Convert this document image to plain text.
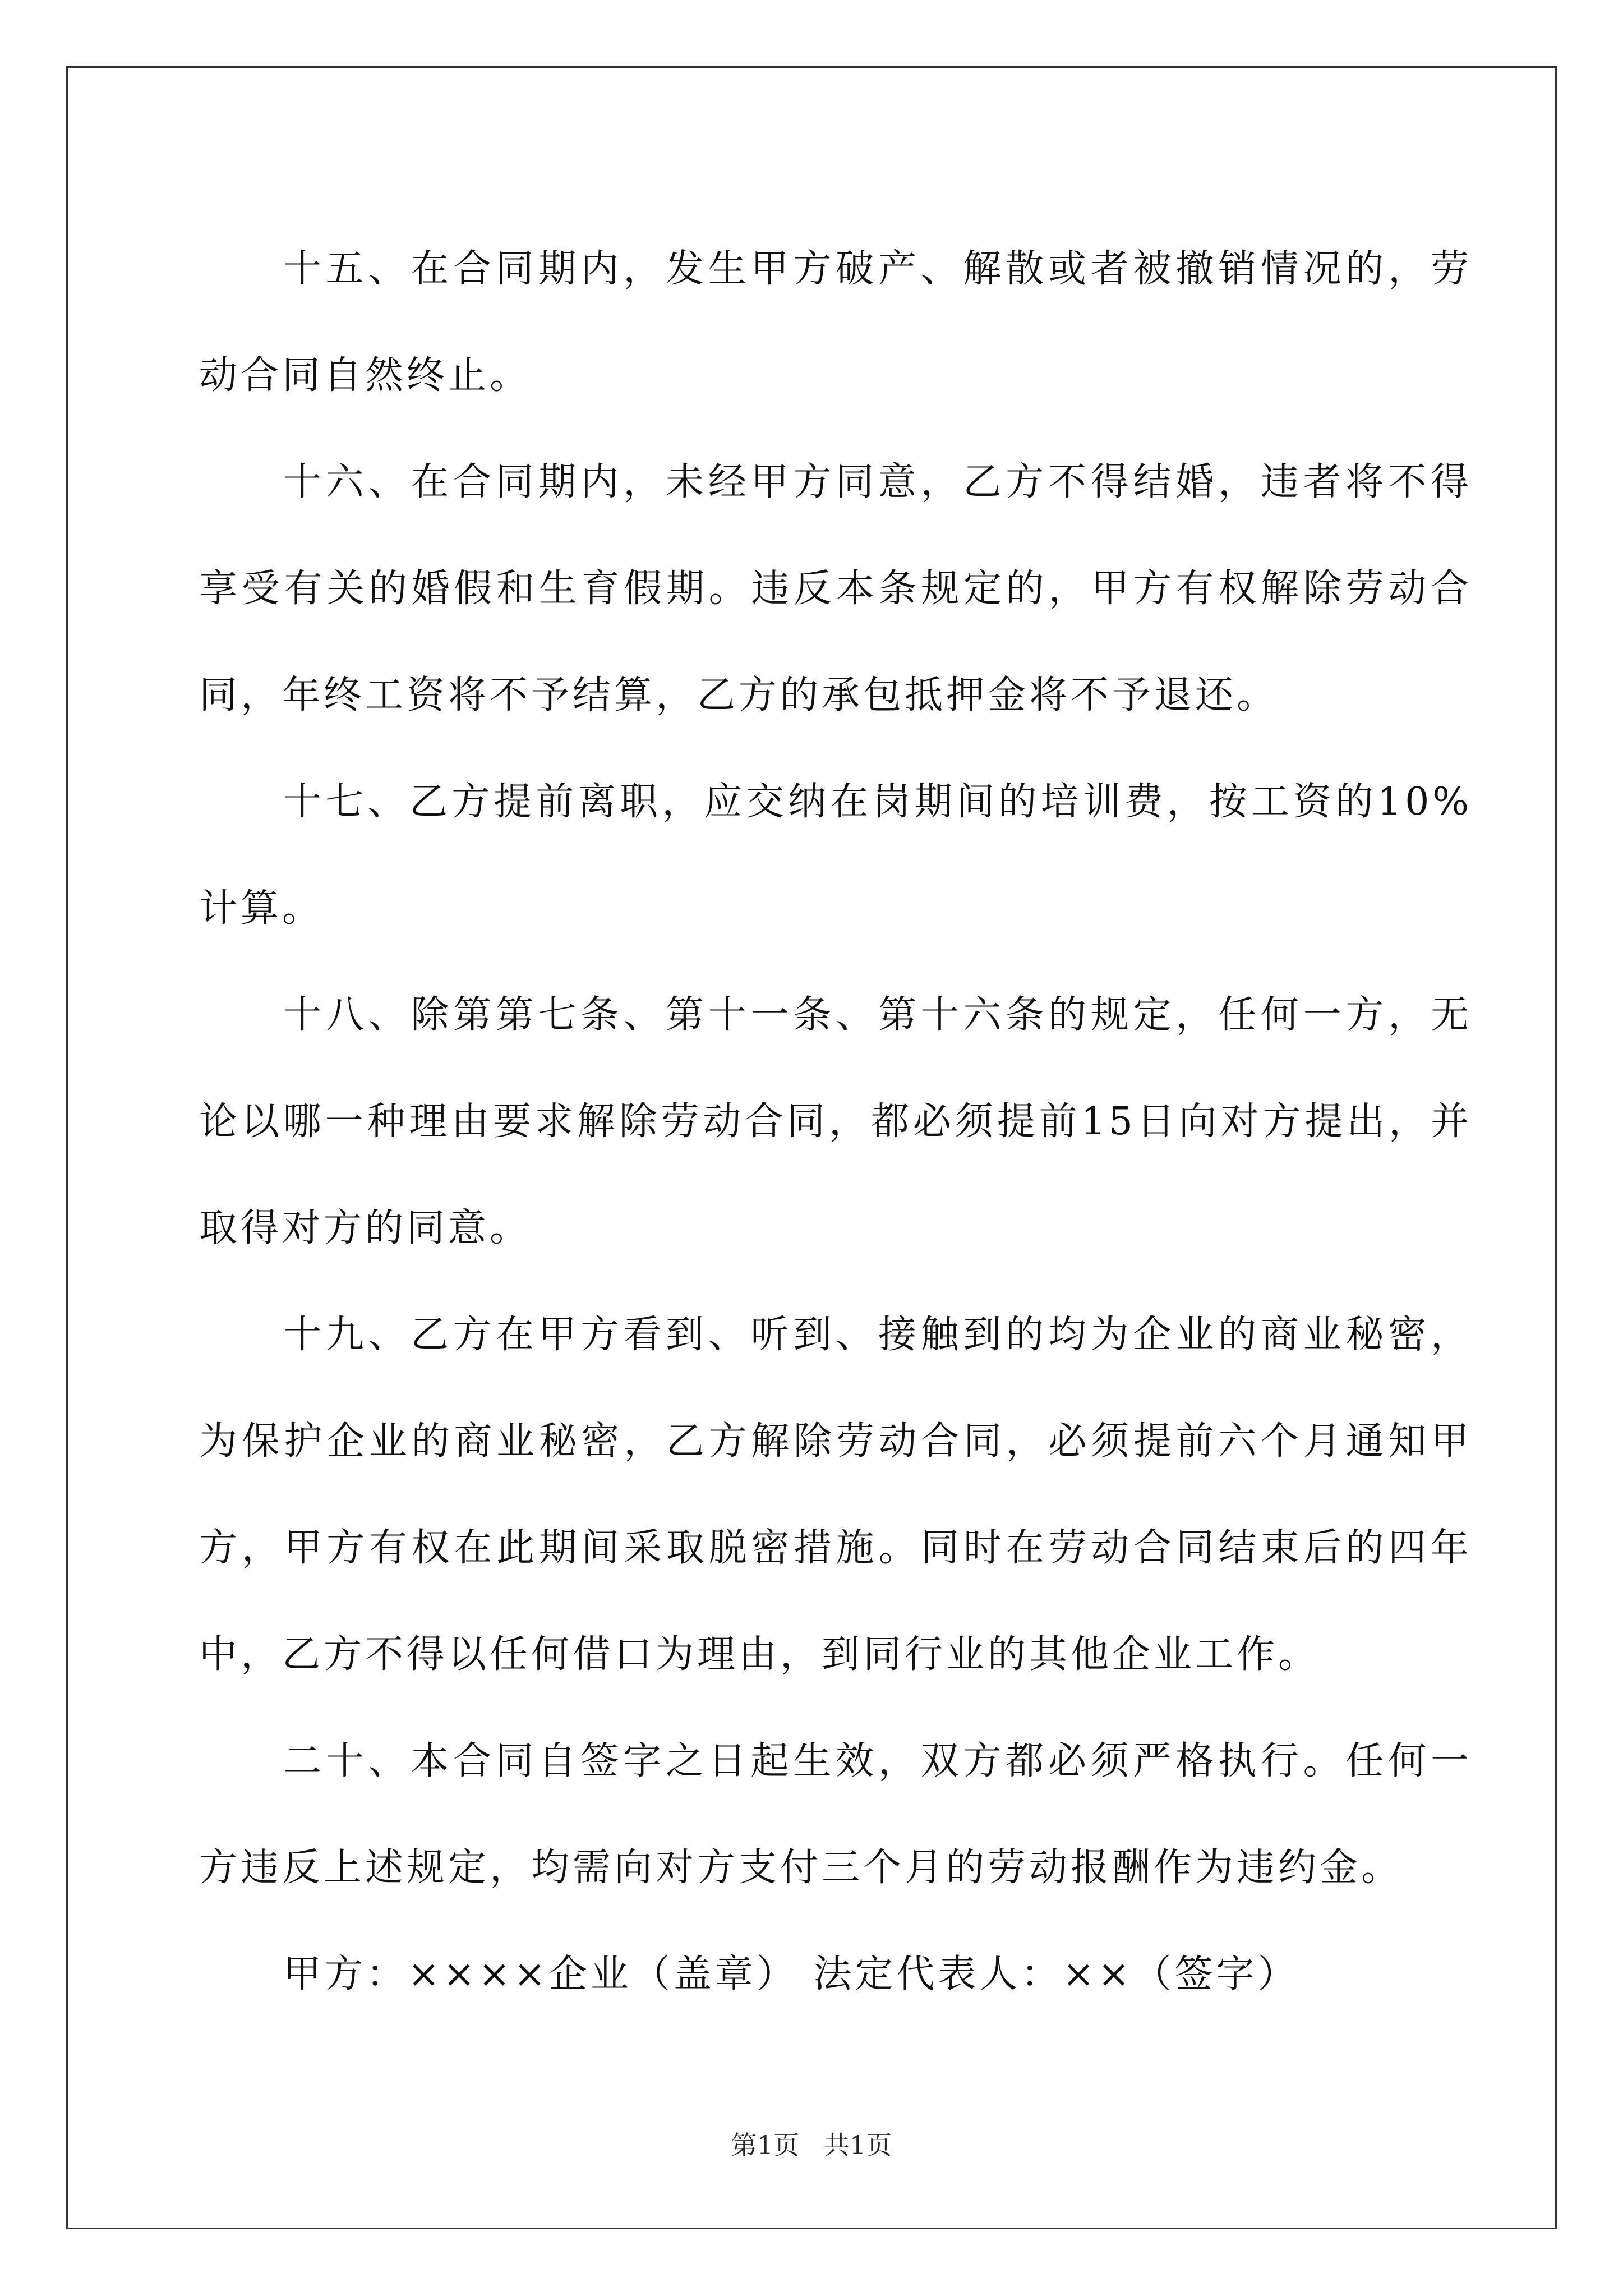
十五、在合同期内，发生甲方破产、解散或者被撤销情况的，劳动合同自然终止。

十六、在合同期内，未经甲方同意，乙方不得结婚，违者将不得享受有关的婚假和生育假期。违反本条规定的，甲方有权解除劳动合同，年终工资将不予结算，乙方的承包抵押金将不予退还。

十七、乙方提前离职，应交纳在岗期间的培训费，按工资的10%计算。

十八、除第第七条、第十一条、第十六条的规定，任何一方，无论以哪一种理由要求解除劳动合同，都必须提前15日向对方提出，并取得对方的同意。

十九、乙方在甲方看到、听到、接触到的均为企业的商业秘密，为保护企业的商业秘密，乙方解除劳动合同，必须提前六个月通知甲方，甲方有权在此期间采取脱密措施。同时在劳动合同结束后的四年中，乙方不得以任何借口为理由，到同行业的其他企业工作。

二十、本合同自签字之日起生效，双方都必须严格执行。任何一方违反上述规定，均需向对方支付三个月的劳动报酬作为违约金。

甲方：××××企业（盖章） 法定代表人：××（签字）

第1页   共1页
